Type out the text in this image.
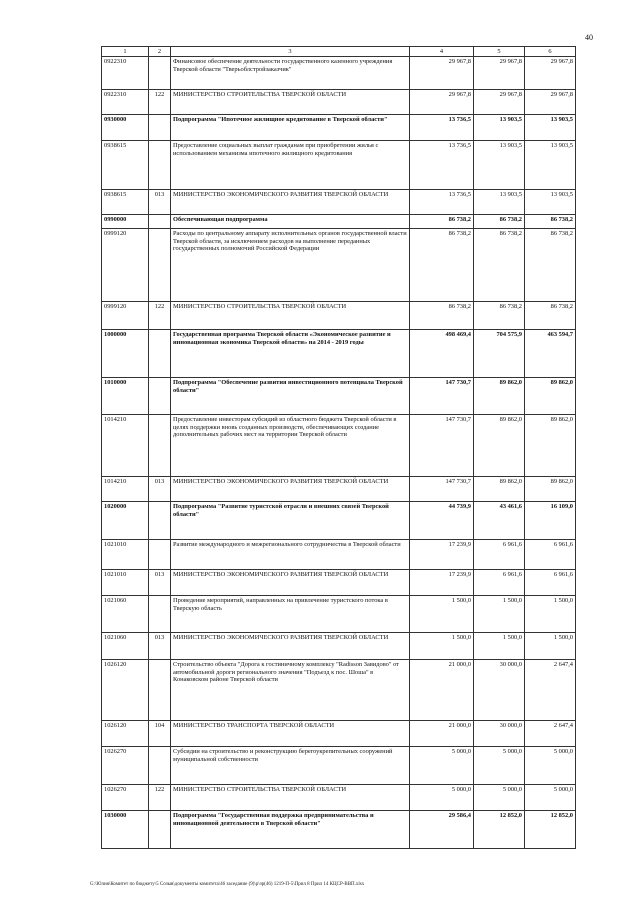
40
1	2	3	4	5	6
0922310		Финансовое обеспечение деятельности государственного казенного учреждения Тверской области "Тверьоблстройзаказчик"	29 967,8	29 967,8	29 967,8
0922310	122	МИНИСТЕРСТВО СТРОИТЕЛЬСТВА ТВЕРСКОЙ ОБЛАСТИ	29 967,8	29 967,8	29 967,8
0930000		Подпрограмма "Ипотечное жилищное кредитование в Тверской области"	13 736,5	13 903,5	13 903,5
0938615		Предоставление социальных выплат гражданам при приобретении жилья с использованием механизма ипотечного жилищного кредитования	13 736,5	13 903,5	13 903,5
0938615	013	МИНИСТЕРСТВО ЭКОНОМИЧЕСКОГО РАЗВИТИЯ ТВЕРСКОЙ ОБЛАСТИ	13 736,5	13 903,5	13 903,5
0990000		Обеспечивающая подпрограмма	86 738,2	86 738,2	86 738,2
0999120		Расходы по центральному аппарату исполнительных органов государственной власти Тверской области, за исключением расходов на выполнение переданных государственных полномочий Российской Федерации	86 738,2	86 738,2	86 738,2
0999120	122	МИНИСТЕРСТВО СТРОИТЕЛЬСТВА ТВЕРСКОЙ ОБЛАСТИ	86 738,2	86 738,2	86 738,2
1000000		Государственная программа Тверской области «Экономическое развитие и инновационная экономика Тверской области» на 2014 - 2019 годы	498 469,4	704 575,9	463 594,7
1010000		Подпрограмма "Обеспечение развития инвестиционного потенциала Тверской области"	147 730,7	89 862,0	89 862,0
1014210		Предоставление инвесторам субсидий из областного бюджета Тверской области в целях поддержки вновь созданных производств, обеспечивающих создание дополнительных рабочих мест на территории Тверской области	147 730,7	89 862,0	89 862,0
1014210	013	МИНИСТЕРСТВО ЭКОНОМИЧЕСКОГО РАЗВИТИЯ ТВЕРСКОЙ ОБЛАСТИ	147 730,7	89 862,0	89 862,0
1020000		Подпрограмма "Развитие туристской отрасли и внешних связей Тверской области"	44 739,9	43 461,6	16 109,0
1021010		Развитие международного и межрегионального сотрудничества в Тверской области	17 239,9	6 961,6	6 961,6
1021010	013	МИНИСТЕРСТВО ЭКОНОМИЧЕСКОГО РАЗВИТИЯ ТВЕРСКОЙ ОБЛАСТИ	17 239,9	6 961,6	6 961,6
1021060		Проведение мероприятий, направленных на привлечение туристского потока в Тверскую область	1 500,0	1 500,0	1 500,0
1021060	013	МИНИСТЕРСТВО ЭКОНОМИЧЕСКОГО РАЗВИТИЯ ТВЕРСКОЙ ОБЛАСТИ	1 500,0	1 500,0	1 500,0
1026120		Строительство объекта "Дорога к гостиничному комплексу "Radisson Завидово" от автомобильной дороги регионального значения "Подъезд к пос. Шоша" в Конаковском районе Тверской области	21 000,0	30 000,0	2 647,4
1026120	104	МИНИСТЕРСТВО ТРАНСПОРТА ТВЕРСКОЙ ОБЛАСТИ	21 000,0	30 000,0	2 647,4
1026270		Субсидии на строительство и реконструкцию берегоукрепительных сооружений муниципальной собственности	5 000,0	5 000,0	5 000,0
1026270	122	МИНИСТЕРСТВО СТРОИТЕЛЬСТВА ТВЕРСКОЙ ОБЛАСТИ	5 000,0	5 000,0	5 000,0
1030000		Подпрограмма "Государственная поддержка предпринимательства и инновационной деятельности в Тверской области"	29 586,4	12 852,0	12 852,0
G:\Юлия\Комитет по бюджету\5 Созыв\документы комитета\46 заседание (9)\р\зр(46) 1219-П-5\Прил 8 Прил 14 КЦСР-ВВП.xlsx
